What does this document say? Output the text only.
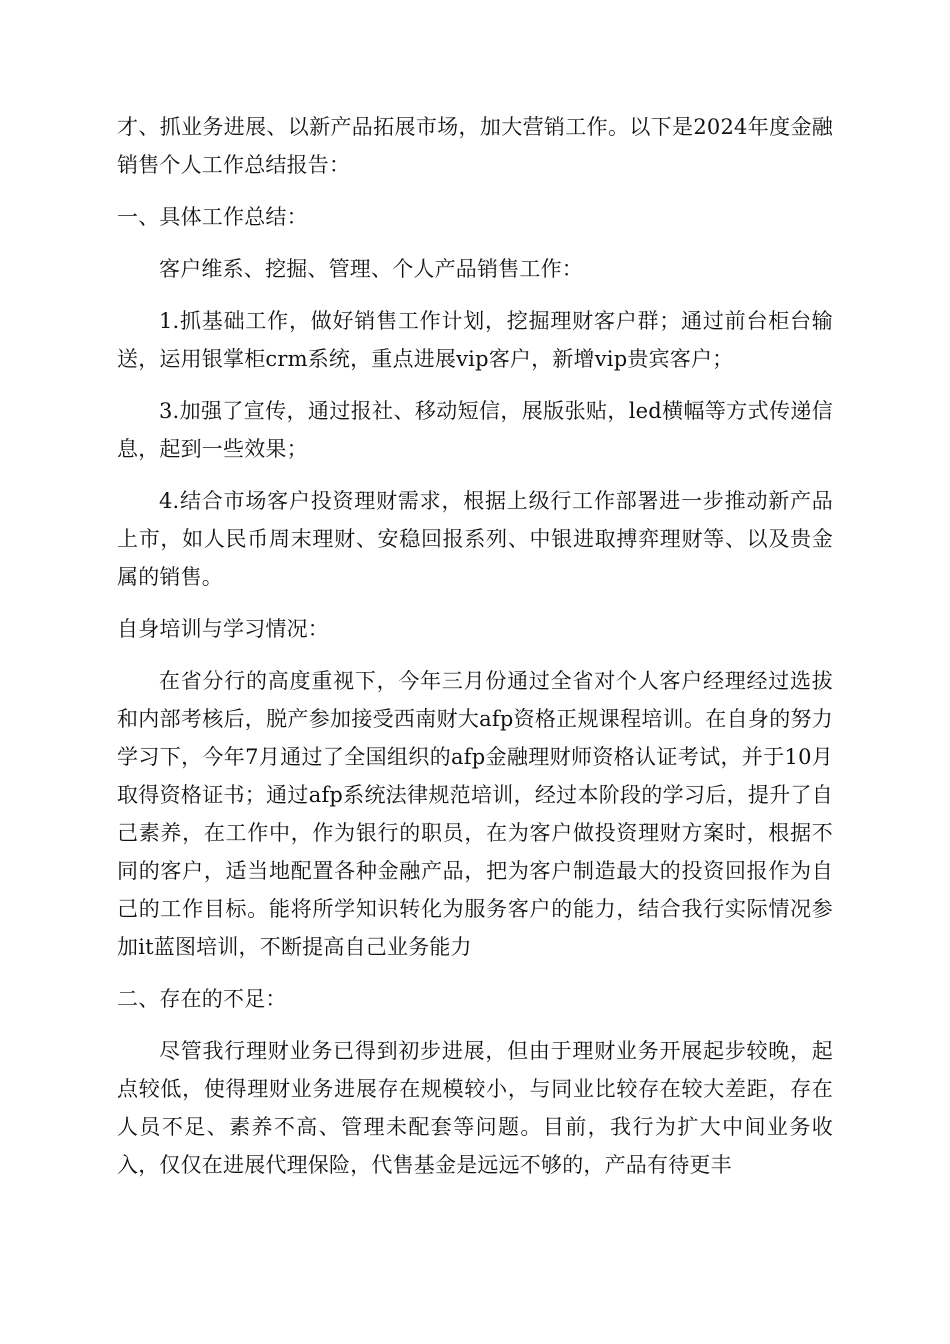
才、抓业务进展、以新产品拓展市场，加大营销工作。以下是2024年度金融销售个人工作总结报告：

一、具体工作总结：

客户维系、挖掘、管理、个人产品销售工作：

1.抓基础工作，做好销售工作计划，挖掘理财客户群；通过前台柜台输送，运用银掌柜crm系统，重点进展vip客户，新增vip贵宾客户；

3.加强了宣传，通过报社、移动短信，展版张贴，led横幅等方式传递信息，起到一些效果；

4.结合市场客户投资理财需求，根据上级行工作部署进一步推动新产品上市，如人民币周末理财、安稳回报系列、中银进取搏弈理财等、以及贵金属的销售。

自身培训与学习情况：

在省分行的高度重视下，今年三月份通过全省对个人客户经理经过选拔和内部考核后，脱产参加接受西南财大afp资格正规课程培训。在自身的努力学习下，今年7月通过了全国组织的afp金融理财师资格认证考试，并于10月取得资格证书；通过afp系统法律规范培训，经过本阶段的学习后，提升了自己素养，在工作中，作为银行的职员，在为客户做投资理财方案时，根据不同的客户，适当地配置各种金融产品，把为客户制造最大的投资回报作为自己的工作目标。能将所学知识转化为服务客户的能力，结合我行实际情况参加it蓝图培训，不断提高自己业务能力

二、存在的不足：

尽管我行理财业务已得到初步进展，但由于理财业务开展起步较晚，起点较低，使得理财业务进展存在规模较小，与同业比较存在较大差距，存在人员不足、素养不高、管理未配套等问题。目前，我行为扩大中间业务收入，仅仅在进展代理保险，代售基金是远远不够的，产品有待更丰
